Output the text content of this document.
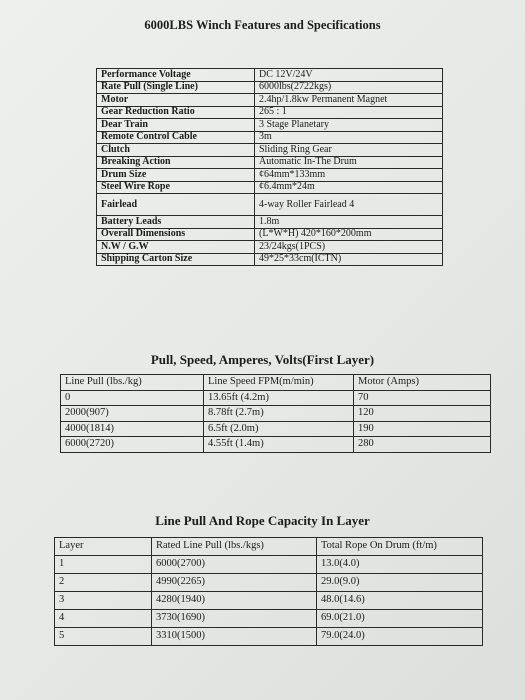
6000LBS Winch Features and Specifications
Performance Voltage	DC 12V/24V
Rate Pull (Single Line)	6000lbs(2722kgs)
Motor	2.4hp/1.8kw Permanent Magnet
Gear Reduction Ratio	265 : 1
Dear Train	3 Stage Planetary
Remote Control Cable	3m
Clutch	Sliding Ring Gear
Breaking Action	Automatic In-The Drum
Drum Size	¢64mm*133mm
Steel Wire Rope	¢6.4mm*24m
Fairlead	4-way Roller Fairlead 4
Battery Leads	1.8m
Overall Dimensions	(L*W*H) 420*160*200mm
N.W / G.W	23/24kgs(1PCS)
Shipping Carton Size	49*25*33cm(ICTN)
Pull, Speed, Amperes, Volts(First Layer)
Line Pull (lbs./kg)	Line Speed FPM(m/min)	Motor (Amps)
0	13.65ft (4.2m)	70
2000(907)	8.78ft (2.7m)	120
4000(1814)	6.5ft (2.0m)	190
6000(2720)	4.55ft (1.4m)	280
Line Pull And Rope Capacity In Layer
Layer	Rated Line Pull (lbs./kgs)	Total Rope On Drum (ft/m)
1	6000(2700)	13.0(4.0)
2	4990(2265)	29.0(9.0)
3	4280(1940)	48.0(14.6)
4	3730(1690)	69.0(21.0)
5	3310(1500)	79.0(24.0)
